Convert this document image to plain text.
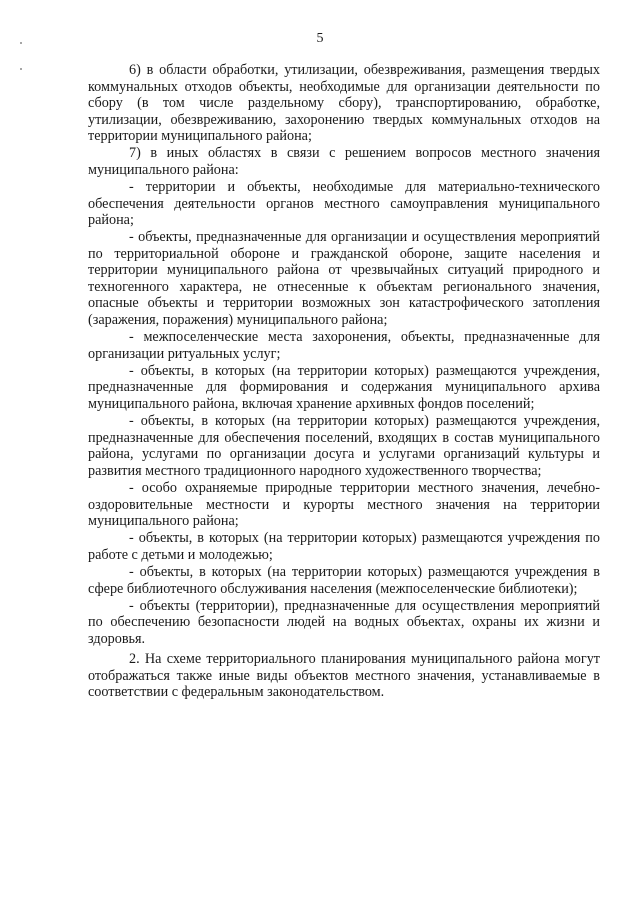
5

6) в области обработки, утилизации, обезвреживания, размещения твердых коммунальных отходов объекты, необходимые для организации деятельности по сбору (в том числе раздельному сбору), транспортированию, обработке, утилизации, обезвреживанию, захоронению твердых коммунальных отходов на территории муниципального района;

7) в иных областях в связи с решением вопросов местного значения муниципального района:

- территории и объекты, необходимые для материально-технического обеспечения деятельности органов местного самоуправления муниципального района;

- объекты, предназначенные для организации и осуществления мероприятий по территориальной обороне и гражданской обороне, защите населения и территории муниципального района от чрезвычайных ситуаций природного и техногенного характера, не отнесенные к объектам регионального значения, опасные объекты и территории возможных зон катастрофического затопления (заражения, поражения) муниципального района;

- межпоселенческие места захоронения, объекты, предназначенные для организации ритуальных услуг;

- объекты, в которых (на территории которых) размещаются учреждения, предназначенные для формирования и содержания муниципального архива муниципального района, включая хранение архивных фондов поселений;

- объекты, в которых (на территории которых) размещаются учреждения, предназначенные для обеспечения поселений, входящих в состав муниципального района, услугами по организации досуга и услугами организаций культуры и развития местного традиционного народного художественного творчества;

- особо охраняемые природные территории местного значения, лечебно-оздоровительные местности и курорты местного значения на территории муниципального района;

- объекты, в которых (на территории которых) размещаются учреждения по работе с детьми и молодежью;

- объекты, в которых (на территории которых) размещаются учреждения в сфере библиотечного обслуживания населения (межпоселенческие библиотеки);

- объекты (территории), предназначенные для осуществления мероприятий по обеспечению безопасности людей на водных объектах, охраны их жизни и здоровья.

2. На схеме территориального планирования муниципального района могут отображаться также иные виды объектов местного значения, устанавливаемые в соответствии с федеральным законодательством.
